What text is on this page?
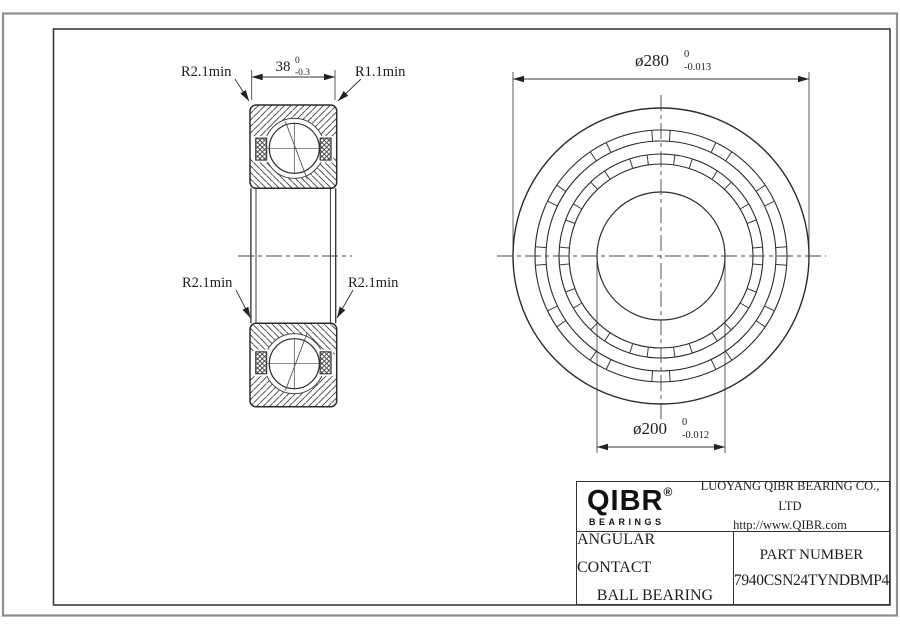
38 0
-0.3
R2.1min	R1.1min
R2.1min	R2.1min
ø280 0
-0.013
ø200 0
-0.012
QIBR®
BEARINGS
LUOYANG QIBR BEARING CO., LTD
http://www.QIBR.com
ANGULAR CONTACT
BALL BEARING
PART NUMBER
7940CSN24TYNDBMP4
